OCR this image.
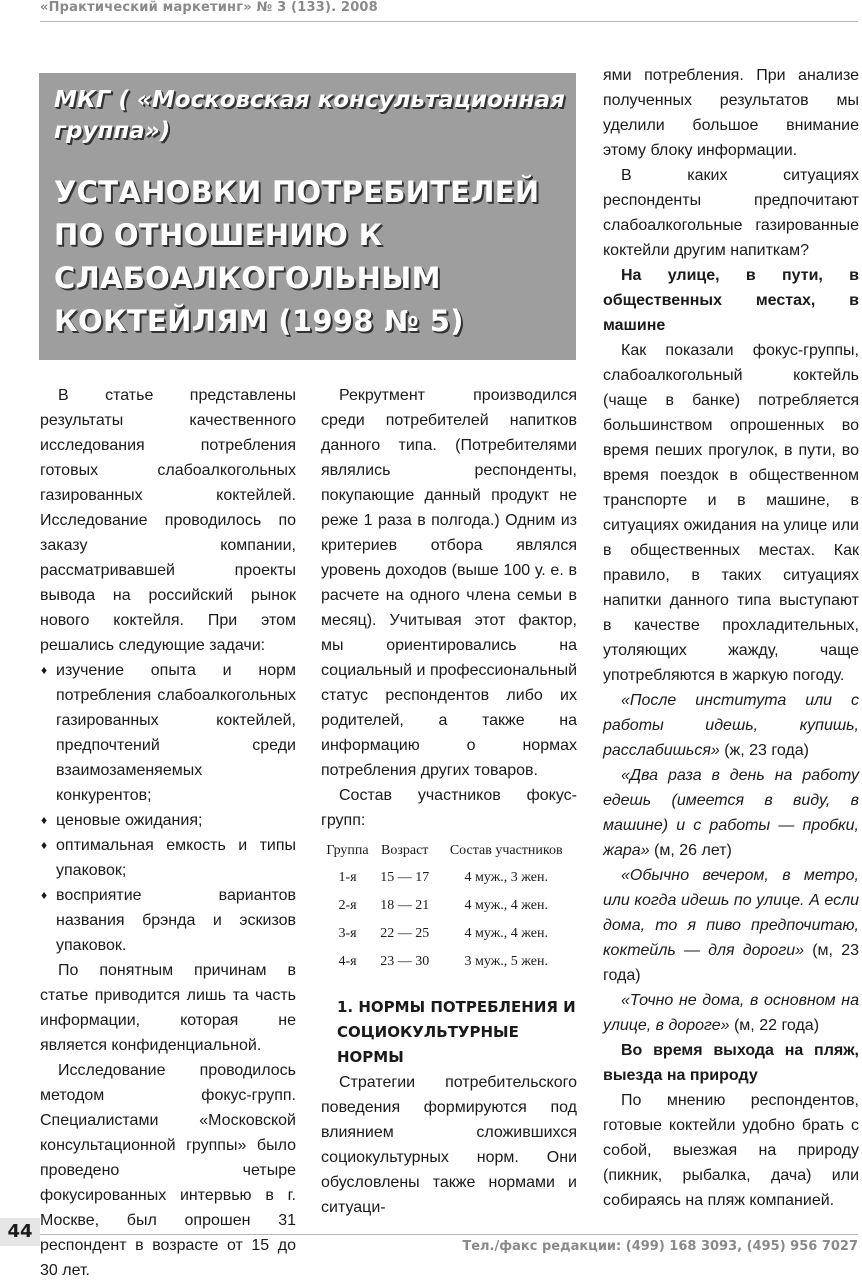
«Практический маркетинг» № 3 (133). 2008
МКГ ( «Московская консультационная группа»)
УСТАНОВКИ ПОТРЕБИТЕЛЕЙ ПО ОТНОШЕНИЮ К СЛАБОАЛКОГОЛЬНЫМ КОКТЕЙЛЯМ (1998 № 5)

В статье представлены результаты качественного исследования потребления готовых слабоалкогольных газированных коктейлей. Исследование проводилось по заказу компании, рассматривавшей проекты вывода на российский рынок нового коктейля. При этом решались следующие задачи:

♦ изучение опыта и норм потребления слабоалкогольных газированных коктейлей, предпочтений среди взаимозаменяемых конкурентов;
♦ ценовые ожидания;
♦ оптимальная емкость и типы упаковок;
♦ восприятие вариантов названия брэнда и эскизов упаковок.

По понятным причинам в статье приводится лишь та часть информации, которая не является конфиденциальной.

Исследование проводилось методом фокус-групп. Специалистами «Московской консультационной группы» было проведено четыре фокусированных интервью в г. Москве, был опрошен 31 респондент в возрасте от 15 до 30 лет.

Рекрутмент производился среди потребителей напитков данного типа. (Потребителями являлись респонденты, покупающие данный продукт не реже 1 раза в полгода.) Одним из критериев отбора являлся уровень доходов (выше 100 у. е. в расчете на одного члена семьи в месяц). Учитывая этот фактор, мы ориентировались на социальный и профессиональный статус респондентов либо их родителей, а также на информацию о нормах потребления других товаров.

Состав участников фокус-групп:

Группа	Возраст	Состав участников
1-я	15 — 17	4 муж., 3 жен.
2-я	18 — 21	4 муж., 4 жен.
3-я	22 — 25	4 муж., 4 жен.
4-я	23 — 30	3 муж., 5 жен.
1. НОРМЫ ПОТРЕБЛЕНИЯ И СОЦИОКУЛЬТУРНЫЕ НОРМЫ

Стратегии потребительского поведения формируются под влиянием сложившихся социокультурных норм. Они обусловлены также нормами и ситуаци-

ями потребления. При анализе полученных результатов мы уделили большое внимание этому блоку информации.

В каких ситуациях респонденты предпочитают слабоалкогольные газированные коктейли другим напиткам?

На улице, в пути, в общественных местах, в машине

Как показали фокус-группы, слабоалкогольный коктейль (чаще в банке) потребляется большинством опрошенных во время пеших прогулок, в пути, во время поездок в общественном транспорте и в машине, в ситуациях ожидания на улице или в общественных местах. Как правило, в таких ситуациях напитки данного типа выступают в качестве прохладительных, утоляющих жажду, чаще употребляются в жаркую погоду.

«После института или с работы идешь, купишь, расслабишься» (ж, 23 года)

«Два раза в день на работу едешь (имеется в виду, в машине) и с работы — пробки, жара» (м, 26 лет)

«Обычно вечером, в метро, или когда идешь по улице. А если дома, то я пиво предпочитаю, коктейль — для дороги» (м, 23 года)

«Точно не дома, в основном на улице, в дороге» (м, 22 года)

Во время выхода на пляж, выезда на природу

По мнению респондентов, готовые коктейли удобно брать с собой, выезжая на природу (пикник, рыбалка, дача) или собираясь на пляж компанией.

44
Тел./факс редакции: (499) 168 3093, (495) 956 7027
